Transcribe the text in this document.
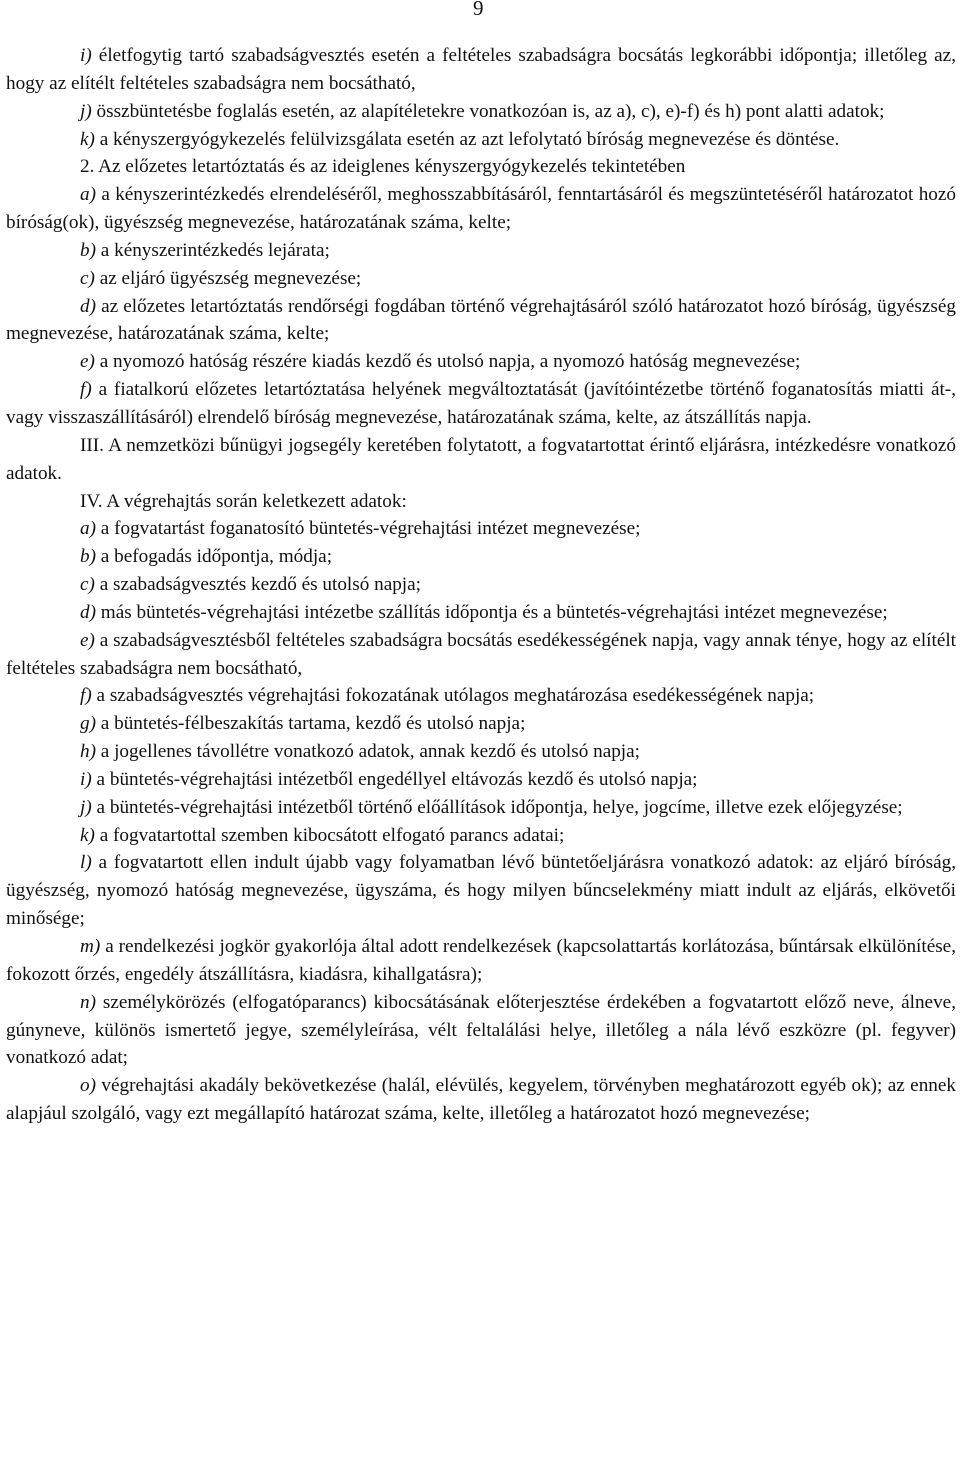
9

i) életfogytig tartó szabadságvesztés esetén a feltételes szabadságra bocsátás legkorábbi időpontja; illetőleg az, hogy az elítélt feltételes szabadságra nem bocsátható,

j) összbüntetésbe foglalás esetén, az alapítéletekre vonatkozóan is, az a), c), e)-f) és h) pont alatti adatok;

k) a kényszergyógykezelés felülvizsgálata esetén az azt lefolytató bíróság megnevezése és döntése.

2. Az előzetes letartóztatás és az ideiglenes kényszergyógykezelés tekintetében

a) a kényszerintézkedés elrendeléséről, meghosszabbításáról, fenntartásáról és megszüntetéséről határozatot hozó bíróság(ok), ügyészség megnevezése, határozatának száma, kelte;

b) a kényszerintézkedés lejárata;

c) az eljáró ügyészség megnevezése;

d) az előzetes letartóztatás rendőrségi fogdában történő végrehajtásáról szóló határozatot hozó bíróság, ügyészség megnevezése, határozatának száma, kelte;

e) a nyomozó hatóság részére kiadás kezdő és utolsó napja, a nyomozó hatóság megnevezése;

f) a fiatalkorú előzetes letartóztatása helyének megváltoztatását (javítóintézetbe történő foganatosítás miatti át-, vagy visszaszállításáról) elrendelő bíróság megnevezése, határozatának száma, kelte, az átszállítás napja.

III. A nemzetközi bűnügyi jogsegély keretében folytatott, a fogvatartottat érintő eljárásra, intézkedésre vonatkozó adatok.

IV. A végrehajtás során keletkezett adatok:

a) a fogvatartást foganatosító büntetés-végrehajtási intézet megnevezése;

b) a befogadás időpontja, módja;

c) a szabadságvesztés kezdő és utolsó napja;

d) más büntetés-végrehajtási intézetbe szállítás időpontja és a büntetés-végrehajtási intézet megnevezése;

e) a szabadságvesztésből feltételes szabadságra bocsátás esedékességének napja, vagy annak ténye, hogy az elítélt feltételes szabadságra nem bocsátható,

f) a szabadságvesztés végrehajtási fokozatának utólagos meghatározása esedékességének napja;

g) a büntetés-félbeszakítás tartama, kezdő és utolsó napja;

h) a jogellenes távollétre vonatkozó adatok, annak kezdő és utolsó napja;

i) a büntetés-végrehajtási intézetből engedéllyel eltávozás kezdő és utolsó napja;

j) a büntetés-végrehajtási intézetből történő előállítások időpontja, helye, jogcíme, illetve ezek előjegyzése;

k) a fogvatartottal szemben kibocsátott elfogató parancs adatai;

l) a fogvatartott ellen indult újabb vagy folyamatban lévő büntetőeljárásra vonatkozó adatok: az eljáró bíróság, ügyészség, nyomozó hatóság megnevezése, ügyszáma, és hogy milyen bűncselekmény miatt indult az eljárás, elkövetői minősége;

m) a rendelkezési jogkör gyakorlója által adott rendelkezések (kapcsolattartás korlátozása, bűntársak elkülönítése, fokozott őrzés, engedély átszállításra, kiadásra, kihallgatásra);

n) személykörözés (elfogatóparancs) kibocsátásának előterjesztése érdekében a fogvatartott előző neve, álneve, gúnyneve, különös ismertető jegye, személyleírása, vélt feltalálási helye, illetőleg a nála lévő eszközre (pl. fegyver) vonatkozó adat;

o) végrehajtási akadály bekövetkezése (halál, elévülés, kegyelem, törvényben meghatározott egyéb ok); az ennek alapjául szolgáló, vagy ezt megállapító határozat száma, kelte, illetőleg a határozatot hozó megnevezése;
